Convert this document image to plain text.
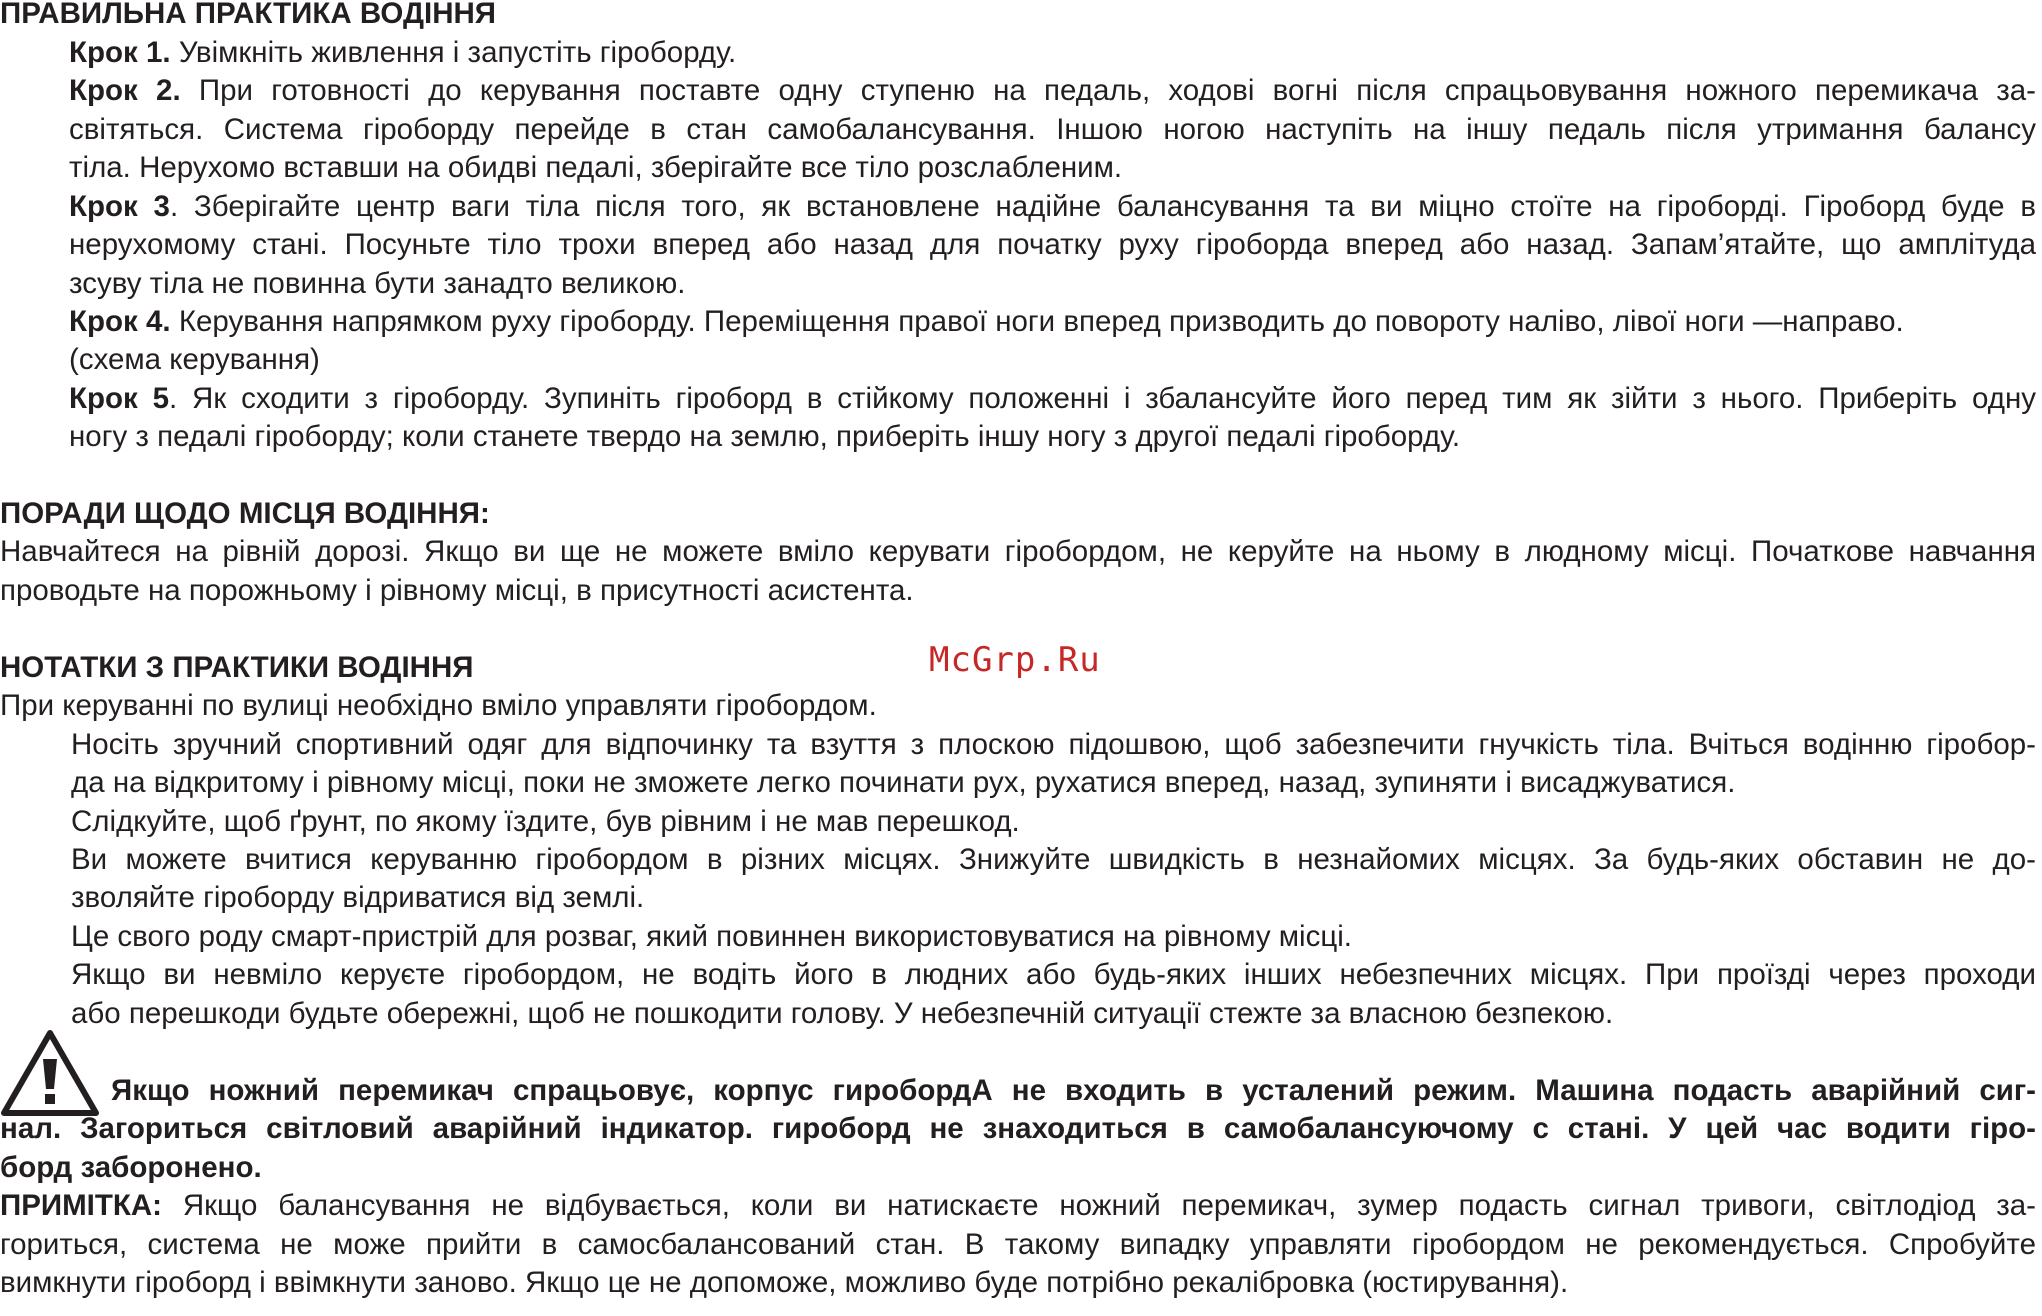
ПРАВИЛЬНА ПРАКТИКА ВОДІННЯ
Крок 1. Увімкніть живлення і запустіть гіроборду.
Крок 2. При готовності до керування поставте одну ступеню на педаль, ходові вогні після спрацьовування ножного перемикача за-
світяться. Система гіроборду перейде в стан самобалансування. Іншою ногою наступіть на іншу педаль після утримання балансу
тіла. Нерухомо вставши на обидві педалі, зберігайте все тіло розслабленим.
Крок 3. Зберігайте центр ваги тіла після того, як встановлене надійне балансування та ви міцно стоїте на гіроборді. Гіроборд буде в
нерухомому стані. Посуньте тіло трохи вперед або назад для початку руху гіроборда вперед або назад. Запам’ятайте, що амплітуда
зсуву тіла не повинна бути занадто великою.
Крок 4. Керування напрямком руху гіроборду. Переміщення правої ноги вперед призводить до повороту наліво, лівої ноги —направо.
(схема керування)
Крок 5. Як сходити з гіроборду. Зупиніть гіроборд в стійкому положенні і збалансуйте його перед тим як зійти з нього. Приберіть одну
ногу з педалі гіроборду; коли станете твердо на землю, приберіть іншу ногу з другої педалі гіроборду.
ПОРАДИ ЩОДО МІСЦЯ ВОДІННЯ:
Навчайтеся на рівній дорозі. Якщо ви ще не можете вміло керувати гіробордом, не керуйте на ньому в людному місці. Початкове навчання
проводьте на порожньому і рівному місці, в присутності асистента.
McGrp.Ru
НОТАТКИ З ПРАКТИКИ ВОДІННЯ
При керуванні по вулиці необхідно вміло управляти гіробордом.
Носіть зручний спортивний одяг для відпочинку та взуття з плоскою підошвою, щоб забезпечити гнучкість тіла. Вчіться водінню гіробор-
да на відкритому і рівному місці, поки не зможете легко починати рух, рухатися вперед, назад, зупиняти і висаджуватися.
Слідкуйте, щоб ґрунт, по якому їздите, був рівним і не мав перешкод.
Ви можете вчитися керуванню гіробордом в різних місцях. Знижуйте швидкість в незнайомих місцях. За будь-яких обставин не до-
зволяйте гіроборду відриватися від землі.
Це свого роду смарт-пристрій для розваг, який повиннен використовуватися на рівному місці.
Якщо ви невміло керуєте гіробордом, не водіть його в людних або будь-яких інших небезпечних місцях. При проїзді через проходи
або перешкоди будьте обережні, щоб не пошкодити голову. У небезпечній ситуації стежте за власною безпекою.
Якщо ножний перемикач спрацьовує, корпус гиробордА не входить в усталений режим. Машина подасть аварійний сиг-
нал. Загориться світловий аварійний індикатор. гироборд не знаходиться в самобалансуючому с стані. У цей час водити гіро-
борд заборонено.
ПРИМІТКА: Якщо балансування не відбувається, коли ви натискаєте ножний перемикач, зумер подасть сигнал тривоги, світлодіод за-
гориться, система не може прийти в самосбалансований стан. В такому випадку управляти гіробордом не рекомендується. Спробуйте
вимкнути гіроборд і ввімкнути заново. Якщо це не допоможе, можливо буде потрібно рекалібровка (юстирування).
